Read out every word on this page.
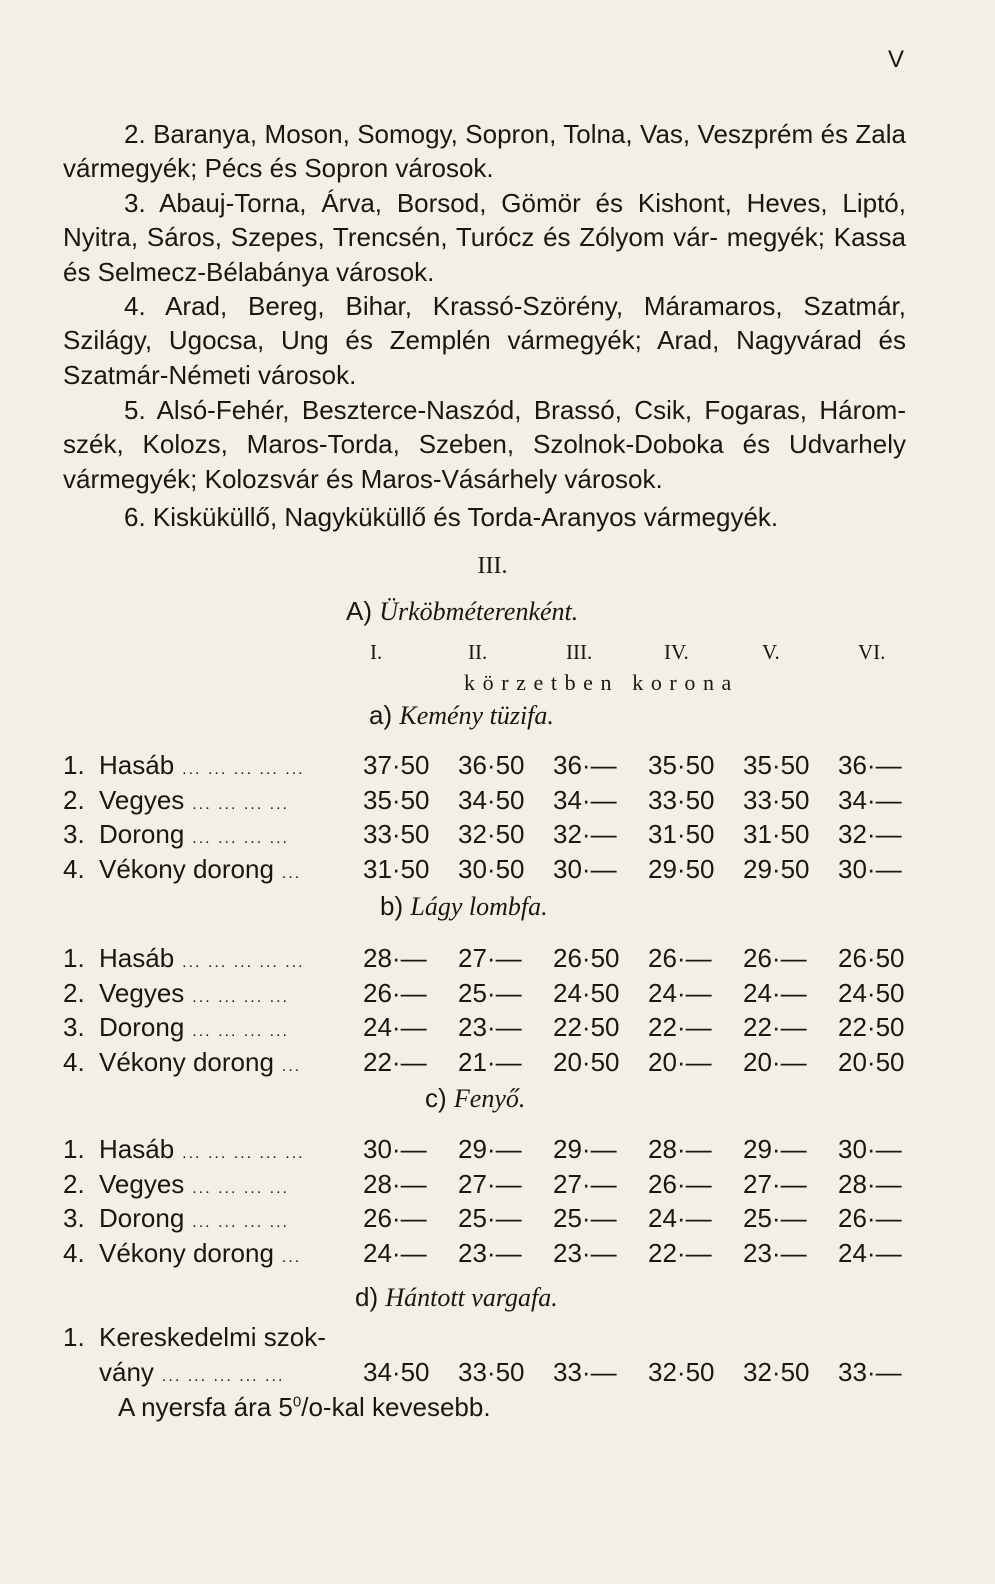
V
2. Baranya, Moson, Somogy, Sopron, Tolna, Vas, Veszprém és Zala vármegyék; Pécs és Sopron városok.
3. Abauj-Torna, Árva, Borsod, Gömör és Kishont, Heves, Liptó, Nyitra, Sáros, Szepes, Trencsén, Turócz és Zólyom vár- megyék; Kassa és Selmecz-Bélabánya városok.
4. Arad, Bereg, Bihar, Krassó-Szörény, Máramaros, Szatmár, Szilágy, Ugocsa, Ung és Zemplén vármegyék; Arad, Nagyvárad és Szatmár-Németi városok.
5. Alsó-Fehér, Beszterce-Naszód, Brassó, Csik, Fogaras, Három- szék, Kolozs, Maros-Torda, Szeben, Szolnok-Doboka és Udvarhely vármegyék; Kolozsvár és Maros-Vásárhely városok.
6. Kisküküllő, Nagyküküllő és Torda-Aranyos vármegyék.
III.
A) Ürköbméterenként.
I.	II.	III.	IV.	V.	VI.
körzetben korona
a) Kemény tüzifa.
1. Hasáb ... ... ... ... ... 37·50 36·50 36·— 35·50 35·50 36·—
2. Vegyes ... ... ... ...	35·50 34·50 34·— 33·50 33·50 34·—
3. Dorong ... ... ... ...	33·50 32·50 32·— 31·50 31·50 32·—
4. Vékony dorong ... 31·50 30·50 30·— 29·50 29·50 30·—
b) Lágy lombfa.
1. Hasáb ... ... ... ... ... 28·— 27·— 26·50 26·— 26·— 26·50
2. Vegyes ... ... ... ...	26·— 25·— 24·50 24·— 24·— 24·50
3. Dorong ... ... ... ...	24·— 23·— 22·50 22·— 22·— 22·50
4. Vékony dorong ... 22·— 21·— 20·50 20·— 20·— 20·50
c) Fenyő.
1. Hasáb ... ... ... ... ... 30·— 29·— 29·— 28·— 29·— 30·—
2. Vegyes ... ... ... ...	28·— 27·— 27·— 26·— 27·— 28·—
3. Dorong ... ... ... ...	26·— 25·— 25·— 24·— 25·— 26·—
4. Vékony dorong ... 24·— 23·— 23·— 22·— 23·— 24·—
d) Hántott vargafa.
1. Kereskedelmi szok-
vány ... ... ... ... ...	34·50 33·50 33·— 32·50 32·50 33·—
A nyersfa ára $5^0/o$-kal kevesebb.
